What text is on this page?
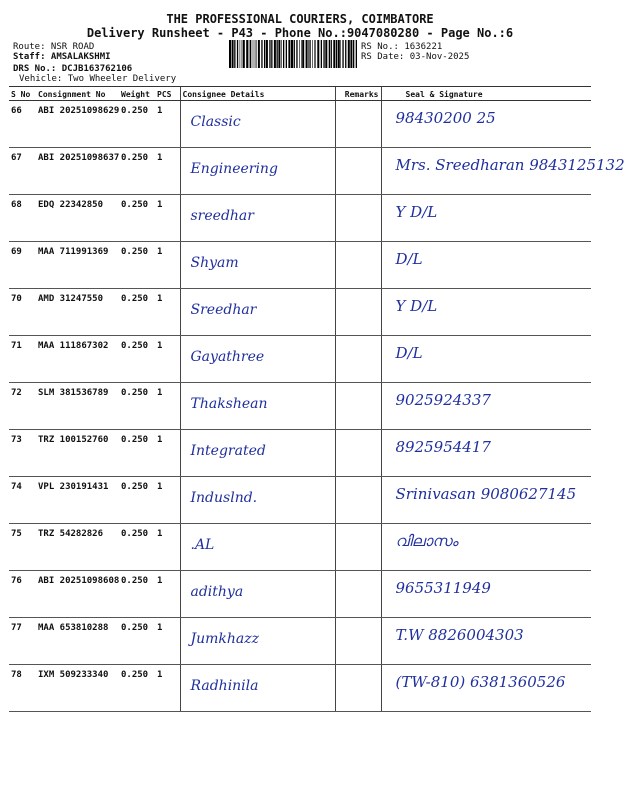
THE PROFESSIONAL COURIERS, COIMBATORE
Delivery Runsheet - P43 - Phone No.:9047080280 - Page No.:6
Route: NSR ROAD
Staff: AMSALAKSHMI
DRS No.: DCJB163762106
Vehicle: Two Wheeler Delivery
RS No.: 1636221
RS Date: 03-Nov-2025
S No	Consignment No	Weight	PCS	Consignee Details	Remarks	Seal & Signature
66	ABI 20251098629	0.250	1	Classic		98430200 25

67	ABI 20251098637	0.250	1	Engineering		Mrs. Sreedharan 9843125132

68	EDQ 22342850	0.250	1	sreedhar		Y D/L

69	MAA 711991369	0.250	1	Shyam		D/L

70	AMD 31247550	0.250	1	Sreedhar		Y D/L

71	MAA 111867302	0.250	1	Gayathree		D/L

72	SLM 381536789	0.250	1	Thakshean		9025924337

73	TRZ 100152760	0.250	1	Integrated		8925954417

74	VPL 230191431	0.250	1	Induslnd.		Srinivasan 9080627145

75	TRZ 54282826	0.250	1	.AL		വിലാസം

76	ABI 20251098608	0.250	1	adithya		9655311949

77	MAA 653810288	0.250	1	Jumkhazz		T.W 8826004303

78	IXM 509233340	0.250	1	Radhinila		(TW-810) 6381360526
